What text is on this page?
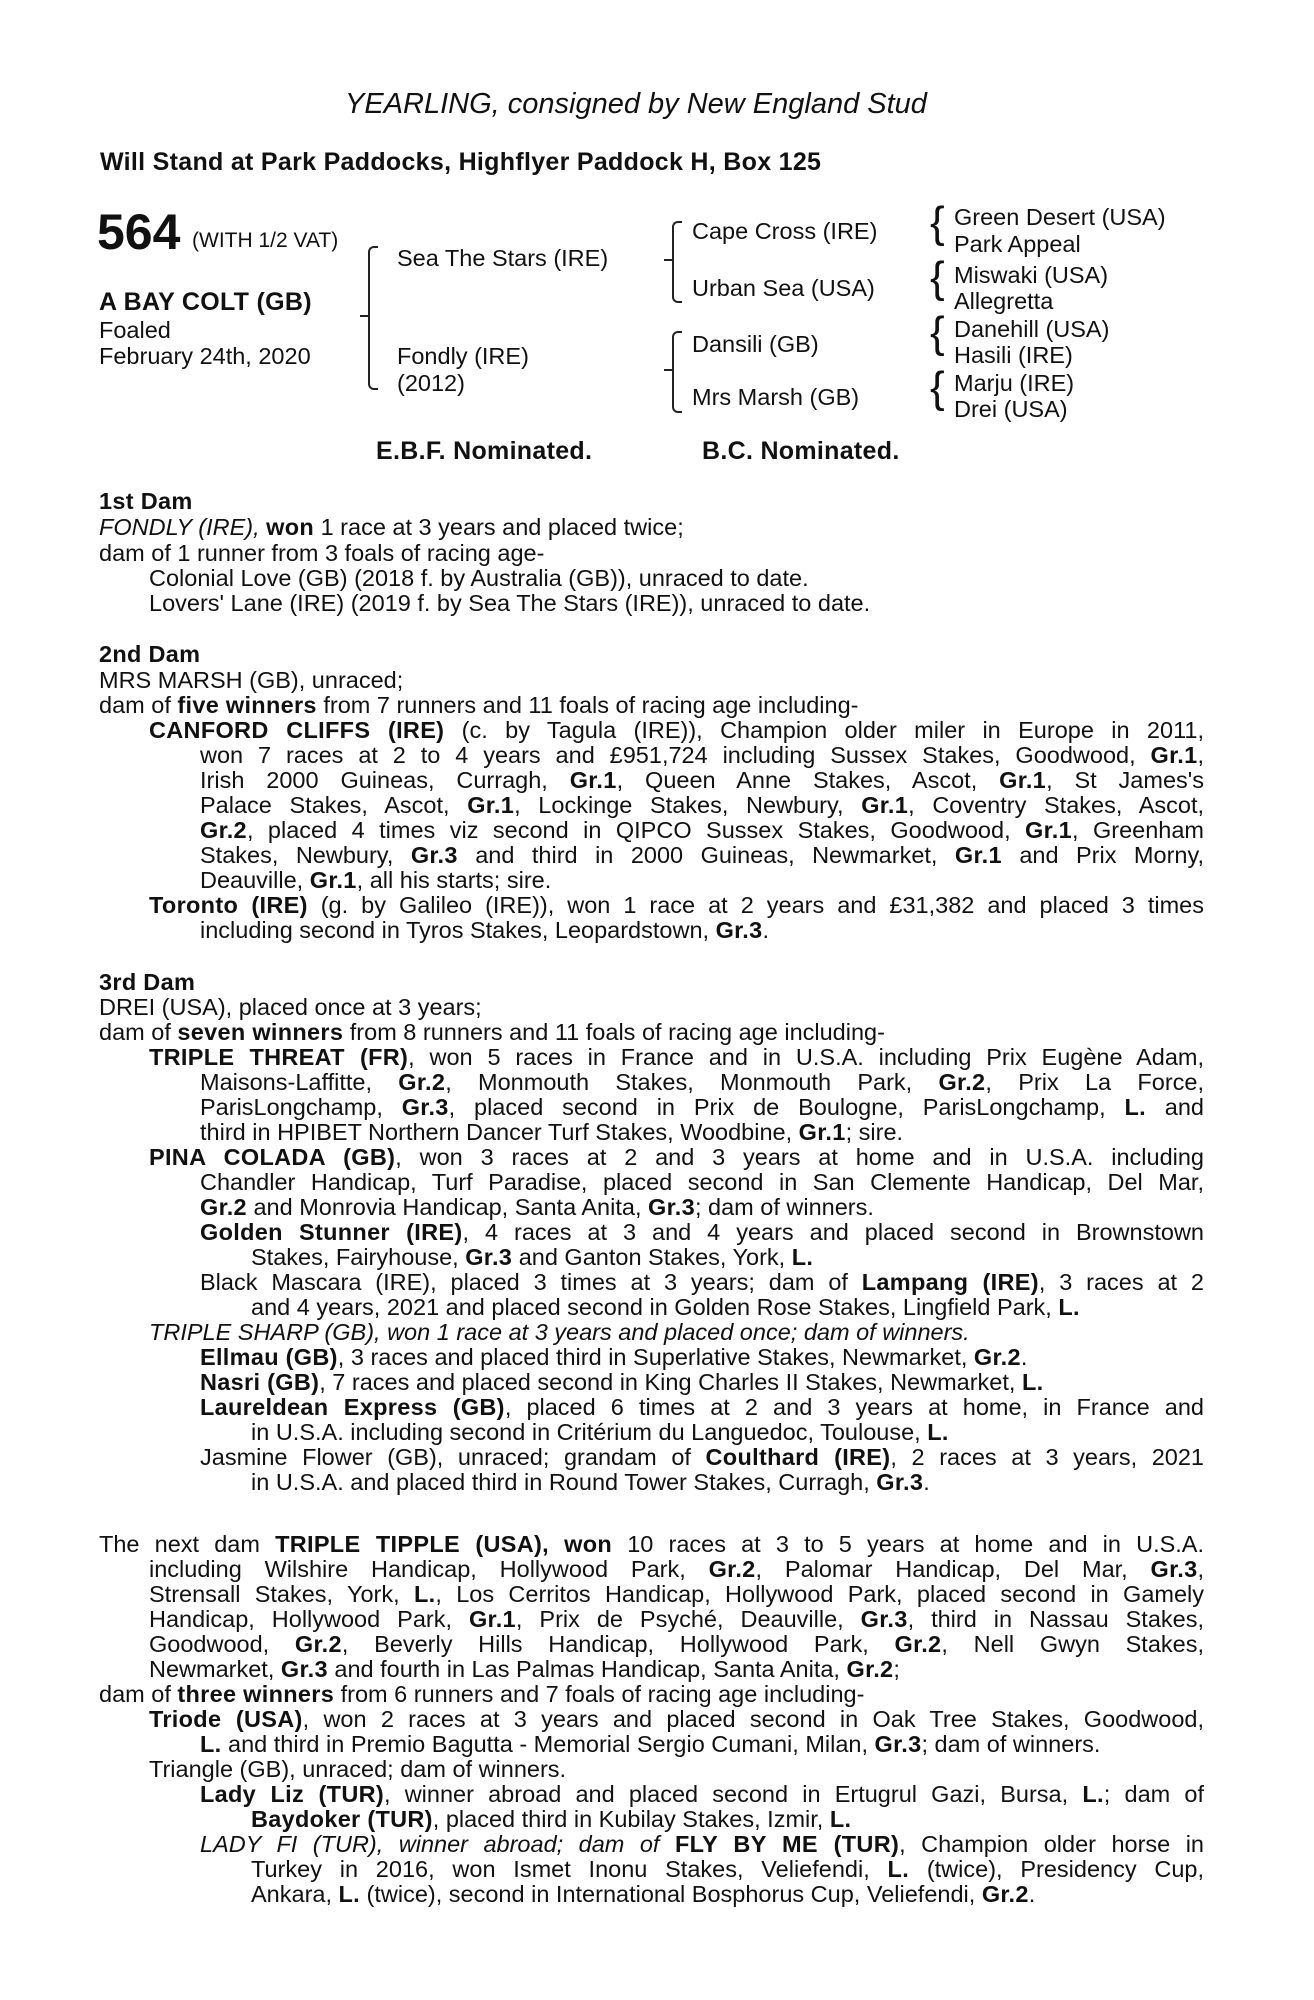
YEARLING, consigned by New England Stud
Will Stand at Park Paddocks, Highflyer Paddock H, Box 125
564 (WITH 1/2 VAT)
A BAY COLT (GB)
Foaled
February 24th, 2020
Sea The Stars (IRE)
Fondly (IRE)
(2012)
Cape Cross (IRE)
Urban Sea (USA)
Dansili (GB)
Mrs Marsh (GB)
{
{
{
{
Green Desert (USA)
Park Appeal
Miswaki (USA)
Allegretta
Danehill (USA)
Hasili (IRE)
Marju (IRE)
Drei (USA)
E.B.F. Nominated.	B.C. Nominated.
1st Dam
FONDLY (IRE), won 1 race at 3 years and placed twice;
dam of 1 runner from 3 foals of racing age-
Colonial Love (GB) (2018 f. by Australia (GB)), unraced to date.
Lovers' Lane (IRE) (2019 f. by Sea The Stars (IRE)), unraced to date.
2nd Dam
MRS MARSH (GB), unraced;
dam of five winners from 7 runners and 11 foals of racing age including-
CANFORD CLIFFS (IRE) (c. by Tagula (IRE)), Champion older miler in Europe in 2011,
won 7 races at 2 to 4 years and £951,724 including Sussex Stakes, Goodwood, Gr.1,
Irish 2000 Guineas, Curragh, Gr.1, Queen Anne Stakes, Ascot, Gr.1, St James's
Palace Stakes, Ascot, Gr.1, Lockinge Stakes, Newbury, Gr.1, Coventry Stakes, Ascot,
Gr.2, placed 4 times viz second in QIPCO Sussex Stakes, Goodwood, Gr.1, Greenham
Stakes, Newbury, Gr.3 and third in 2000 Guineas, Newmarket, Gr.1 and Prix Morny,
Deauville, Gr.1, all his starts; sire.
Toronto (IRE) (g. by Galileo (IRE)), won 1 race at 2 years and £31,382 and placed 3 times
including second in Tyros Stakes, Leopardstown, Gr.3.
3rd Dam
DREI (USA), placed once at 3 years;
dam of seven winners from 8 runners and 11 foals of racing age including-
TRIPLE THREAT (FR), won 5 races in France and in U.S.A. including Prix Eugène Adam,
Maisons-Laffitte, Gr.2, Monmouth Stakes, Monmouth Park, Gr.2, Prix La Force,
ParisLongchamp, Gr.3, placed second in Prix de Boulogne, ParisLongchamp, L. and
third in HPIBET Northern Dancer Turf Stakes, Woodbine, Gr.1; sire.
PINA COLADA (GB), won 3 races at 2 and 3 years at home and in U.S.A. including
Chandler Handicap, Turf Paradise, placed second in San Clemente Handicap, Del Mar,
Gr.2 and Monrovia Handicap, Santa Anita, Gr.3; dam of winners.
Golden Stunner (IRE), 4 races at 3 and 4 years and placed second in Brownstown
Stakes, Fairyhouse, Gr.3 and Ganton Stakes, York, L.
Black Mascara (IRE), placed 3 times at 3 years; dam of Lampang (IRE), 3 races at 2
and 4 years, 2021 and placed second in Golden Rose Stakes, Lingfield Park, L.
TRIPLE SHARP (GB), won 1 race at 3 years and placed once; dam of winners.
Ellmau (GB), 3 races and placed third in Superlative Stakes, Newmarket, Gr.2.
Nasri (GB), 7 races and placed second in King Charles II Stakes, Newmarket, L.
Laureldean Express (GB), placed 6 times at 2 and 3 years at home, in France and
in U.S.A. including second in Critérium du Languedoc, Toulouse, L.
Jasmine Flower (GB), unraced; grandam of Coulthard (IRE), 2 races at 3 years, 2021
in U.S.A. and placed third in Round Tower Stakes, Curragh, Gr.3.
The next dam TRIPLE TIPPLE (USA), won 10 races at 3 to 5 years at home and in U.S.A.
including Wilshire Handicap, Hollywood Park, Gr.2, Palomar Handicap, Del Mar, Gr.3,
Strensall Stakes, York, L., Los Cerritos Handicap, Hollywood Park, placed second in Gamely
Handicap, Hollywood Park, Gr.1, Prix de Psyché, Deauville, Gr.3, third in Nassau Stakes,
Goodwood, Gr.2, Beverly Hills Handicap, Hollywood Park, Gr.2, Nell Gwyn Stakes,
Newmarket, Gr.3 and fourth in Las Palmas Handicap, Santa Anita, Gr.2;
dam of three winners from 6 runners and 7 foals of racing age including-
Triode (USA), won 2 races at 3 years and placed second in Oak Tree Stakes, Goodwood,
L. and third in Premio Bagutta - Memorial Sergio Cumani, Milan, Gr.3; dam of winners.
Triangle (GB), unraced; dam of winners.
Lady Liz (TUR), winner abroad and placed second in Ertugrul Gazi, Bursa, L.; dam of
Baydoker (TUR), placed third in Kubilay Stakes, Izmir, L.
LADY FI (TUR), winner abroad; dam of FLY BY ME (TUR), Champion older horse in
Turkey in 2016, won Ismet Inonu Stakes, Veliefendi, L. (twice), Presidency Cup,
Ankara, L. (twice), second in International Bosphorus Cup, Veliefendi, Gr.2.
